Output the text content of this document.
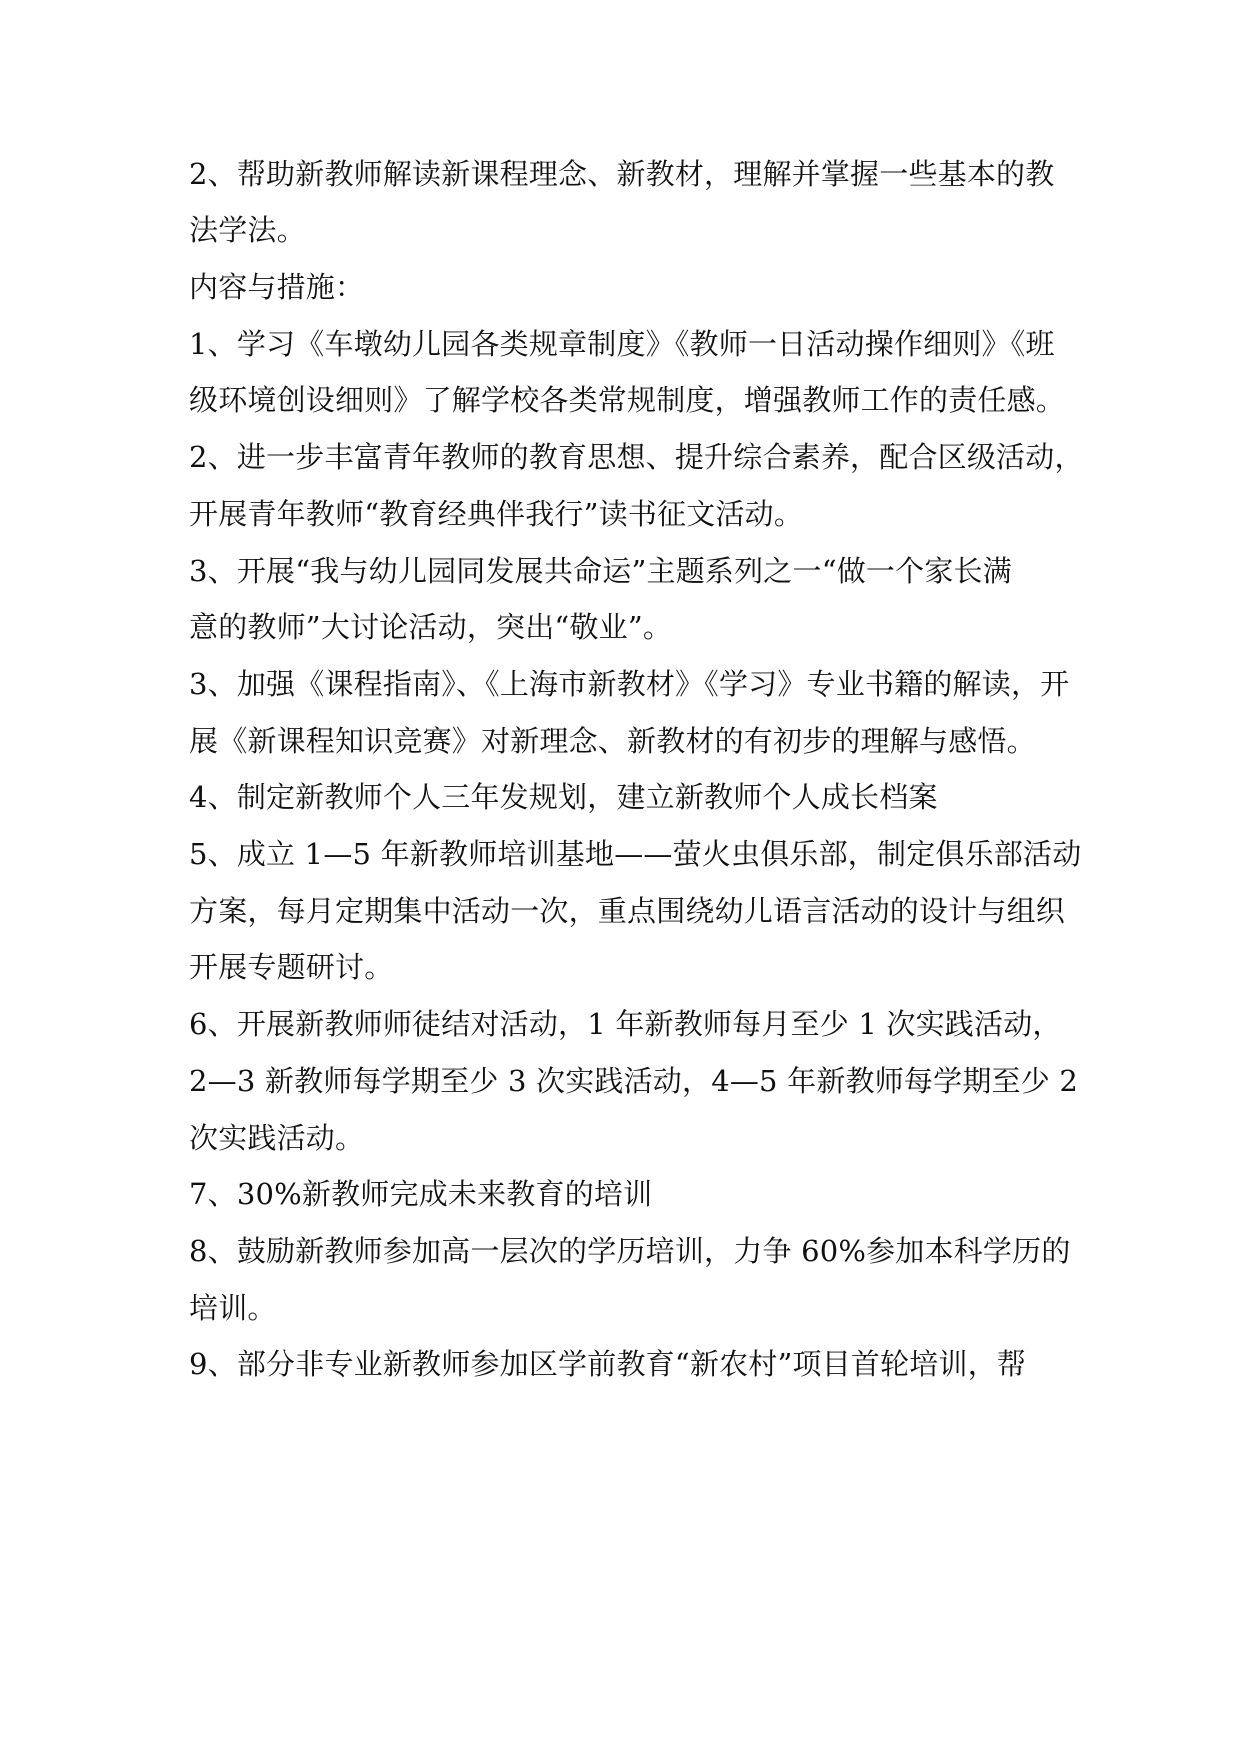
2、帮助新教师解读新课程理念、新教材，理解并掌握一些基本的教
法学法。
内容与措施：
1、学习《车墩幼儿园各类规章制度》《教师一日活动操作细则》《班
级环境创设细则》了解学校各类常规制度，增强教师工作的责任感。
2、进一步丰富青年教师的教育思想、提升综合素养，配合区级活动，
开展青年教师“教育经典伴我行”读书征文活动。
3、开展“我与幼儿园同发展共命运”主题系列之一“做一个家长满
意的教师”大讨论活动，突出“敬业”。
3、加强《课程指南》、《上海市新教材》《学习》专业书籍的解读，开
展《新课程知识竞赛》对新理念、新教材的有初步的理解与感悟。
4、制定新教师个人三年发规划，建立新教师个人成长档案
5、成立 1—5 年新教师培训基地——萤火虫俱乐部，制定俱乐部活动
方案，每月定期集中活动一次，重点围绕幼儿语言活动的设计与组织
开展专题研讨。
6、开展新教师师徒结对活动，1 年新教师每月至少 1 次实践活动，
2—3 新教师每学期至少 3 次实践活动，4—5 年新教师每学期至少 2
次实践活动。
7、30%新教师完成未来教育的培训
8、鼓励新教师参加高一层次的学历培训，力争 60%参加本科学历的
培训。
9、部分非专业新教师参加区学前教育“新农村”项目首轮培训，帮
